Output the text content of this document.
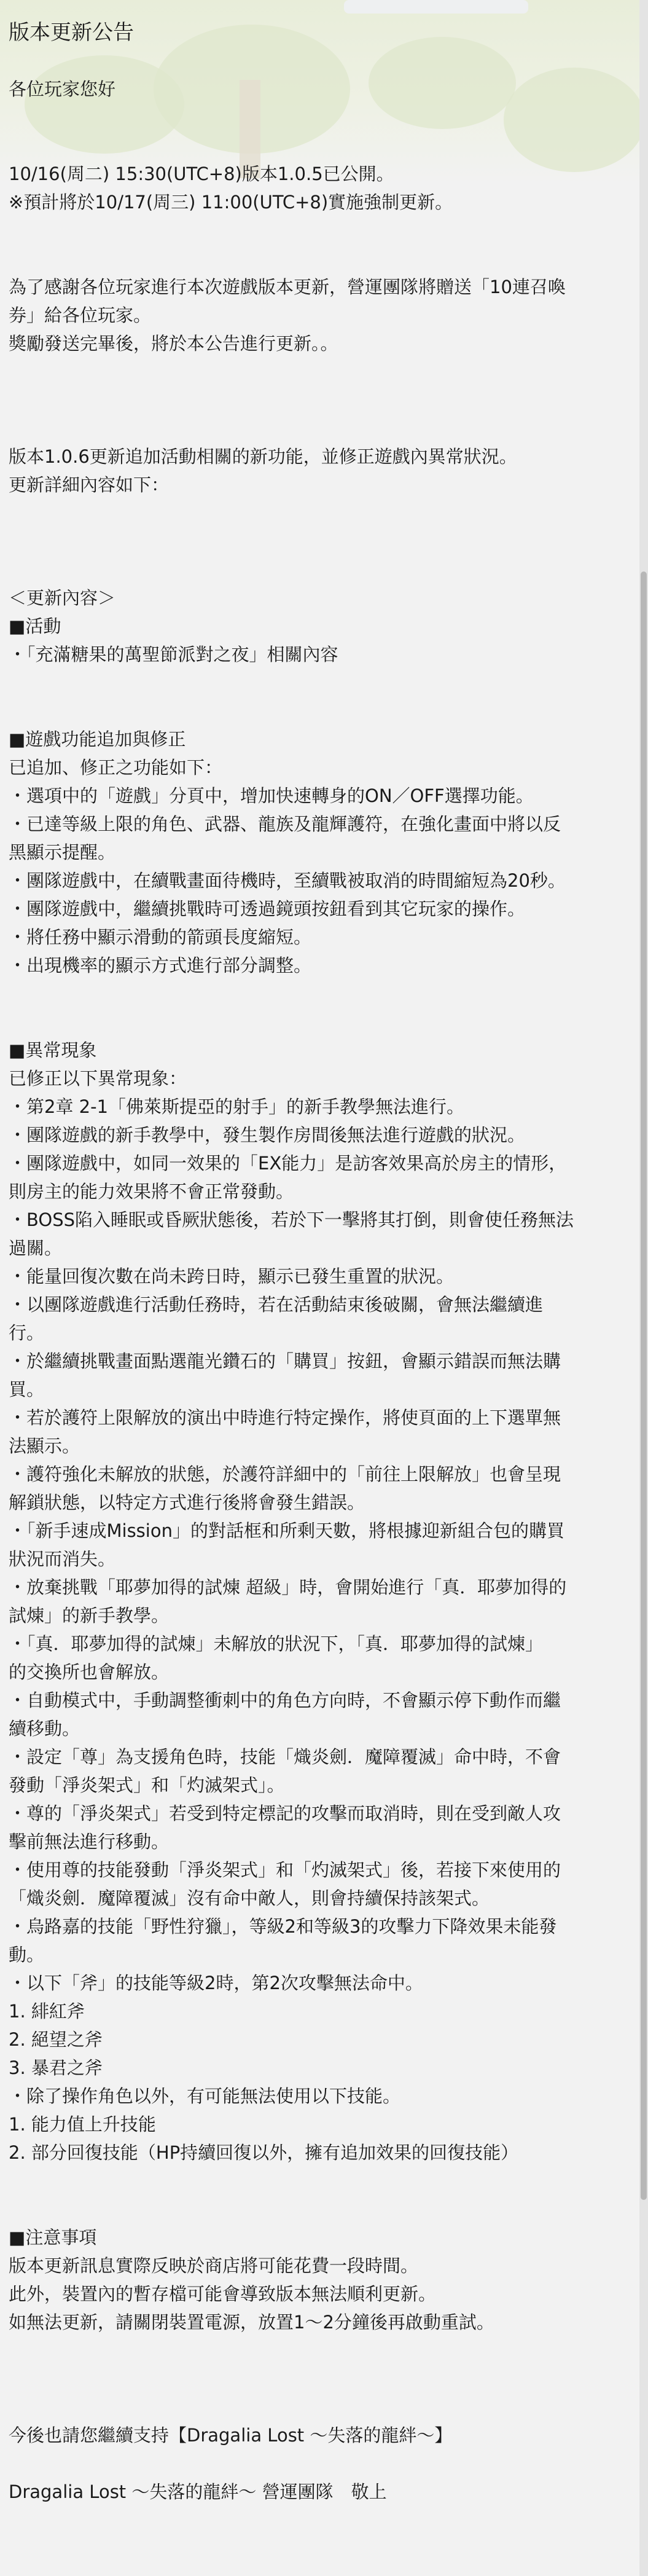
版本更新公告

各位玩家您好

10/16(周二) 15:30(UTC+8)版本1.0.5已公開。
※預計將於10/17(周三) 11:00(UTC+8)實施強制更新。

為了感謝各位玩家進行本次遊戲版本更新，營運團隊將贈送「10連召喚
券」給各位玩家。
獎勵發送完畢後，將於本公告進行更新。。

版本1.0.6更新追加活動相關的新功能，並修正遊戲內異常狀況。
更新詳細內容如下：

＜更新內容＞
■活動

・「充滿糖果的萬聖節派對之夜」相關內容

■遊戲功能追加與修正

已追加、修正之功能如下：
・選項中的「遊戲」分頁中，增加快速轉身的ON／OFF選擇功能。
・已達等級上限的角色、武器、龍族及龍輝護符，在強化畫面中將以反
黑顯示提醒。
・團隊遊戲中，在續戰畫面待機時，至續戰被取消的時間縮短為20秒。
・團隊遊戲中，繼續挑戰時可透過鏡頭按鈕看到其它玩家的操作。
・將任務中顯示滑動的箭頭長度縮短。
・出現機率的顯示方式進行部分調整。

■異常現象

已修正以下異常現象：
・第2章 2-1「佛萊斯提亞的射手」的新手教學無法進行。
・團隊遊戲的新手教學中，發生製作房間後無法進行遊戲的狀況。
・團隊遊戲中，如同一效果的「EX能力」是訪客效果高於房主的情形，
則房主的能力效果將不會正常發動。
・BOSS陷入睡眠或昏厥狀態後，若於下一擊將其打倒，則會使任務無法
過關。
・能量回復次數在尚未跨日時，顯示已發生重置的狀況。
・以團隊遊戲進行活動任務時，若在活動結束後破關，會無法繼續進
行。
・於繼續挑戰畫面點選龍光鑽石的「購買」按鈕，會顯示錯誤而無法購
買。
・若於護符上限解放的演出中時進行特定操作，將使頁面的上下選單無
法顯示。
・護符強化未解放的狀態，於護符詳細中的「前往上限解放」也會呈現
解鎖狀態，以特定方式進行後將會發生錯誤。
・「新手速成Mission」的對話框和所剩天數，將根據迎新組合包的購買
狀況而消失。
・放棄挑戰「耶夢加得的試煉 超級」時，會開始進行「真．耶夢加得的
試煉」的新手教學。
・「真．耶夢加得的試煉」未解放的狀況下，「真．耶夢加得的試煉」
的交換所也會解放。
・自動模式中，手動調整衝刺中的角色方向時，不會顯示停下動作而繼
續移動。
・設定「尊」為支援角色時，技能「熾炎劍．魔障覆滅」命中時，不會
發動「淨炎架式」和「灼滅架式」。
・尊的「淨炎架式」若受到特定標記的攻擊而取消時，則在受到敵人攻
擊前無法進行移動。
・使用尊的技能發動「淨炎架式」和「灼滅架式」後，若接下來使用的
「熾炎劍．魔障覆滅」沒有命中敵人，則會持續保持該架式。
・烏路嘉的技能「野性狩獵」，等級2和等級3的攻擊力下降效果未能發
動。
・以下「斧」的技能等級2時，第2次攻擊無法命中。
1. 緋紅斧
2. 絕望之斧
3. 暴君之斧
・除了操作角色以外，有可能無法使用以下技能。
1. 能力值上升技能
2. 部分回復技能（HP持續回復以外，擁有追加效果的回復技能）

■注意事項

版本更新訊息實際反映於商店將可能花費一段時間。
此外，裝置內的暫存檔可能會導致版本無法順利更新。
如無法更新，請關閉裝置電源，放置1～2分鐘後再啟動重試。

今後也請您繼續支持【Dragalia Lost 〜失落的龍絆〜】

Dragalia Lost 〜失落的龍絆〜 營運團隊　敬上
